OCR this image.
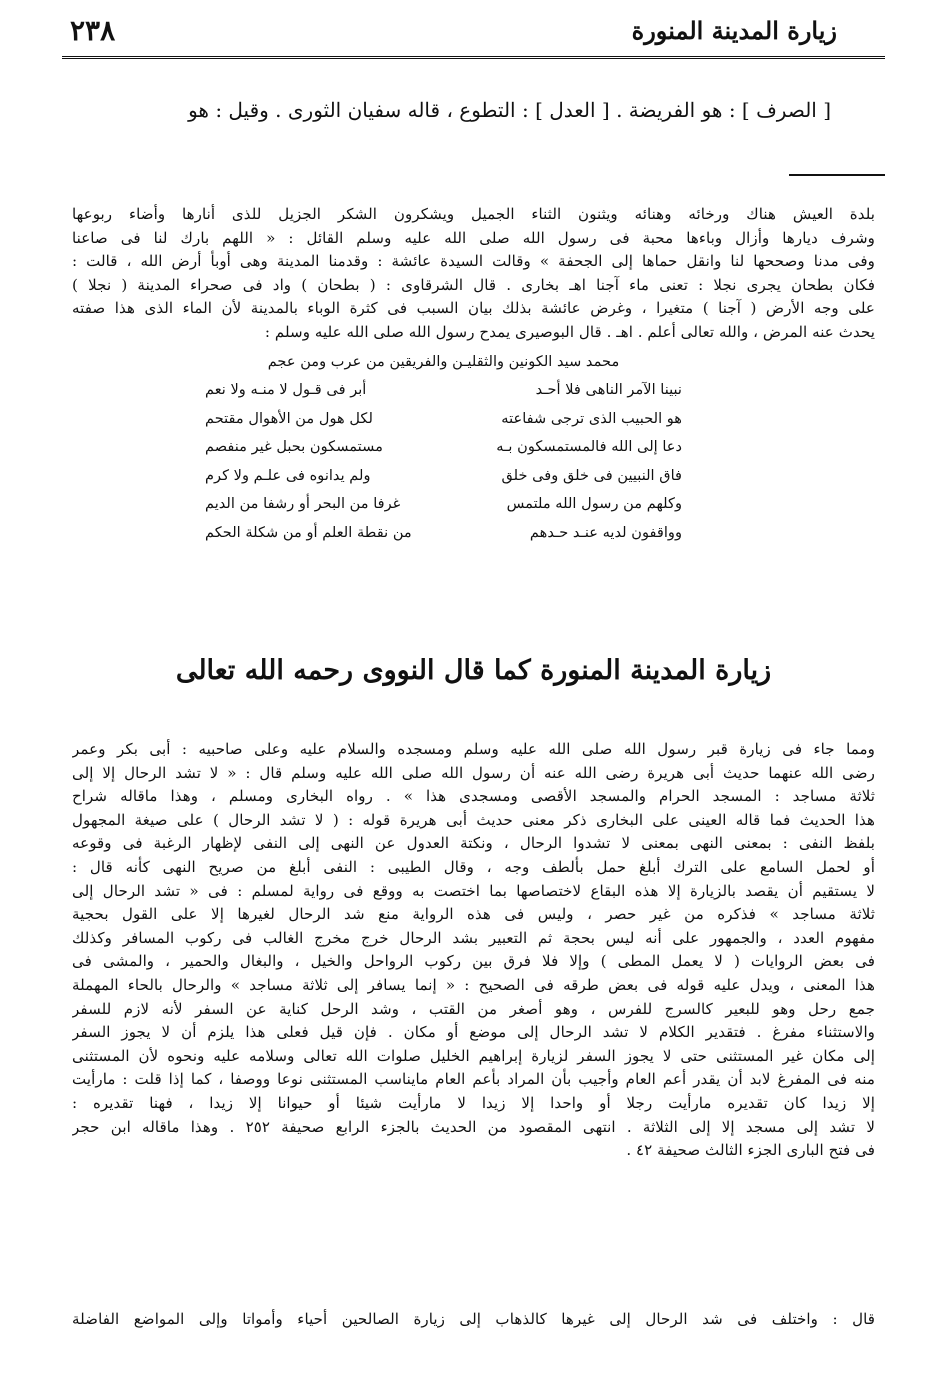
زيارة المدينة المنورة
٢٣٨
[ الصرف ] : هو الفريضة . [ العدل ] : التطوع ، قاله سفيان الثورى . وقيل : هو
بلدة العيش هناك ورخائه وهنائه ويثنون الثناء الجميل ويشكرون الشكر الجزيل للذى أنارها وأضاء ربوعها
وشرف ديارها وأزال وباءها محبة فى رسول الله صلى الله عليه وسلم القائل : « اللهم بارك لنا فى صاعنا
وفى مدنا وصححها لنا وانقل حماها إلى الجحفة » وقالت السيدة عائشة : وقدمنا المدينة وهى أوبأ أرض الله ، قالت :
فكان بطحان يجرى نجلا : تعنى ماء آجنا اهـ بخارى . قال الشرقاوى : ( بطحان ) واد فى صحراء المدينة ( نجلا )
على وجه الأرض ( آجنا ) متغيرا ، وغرض عائشة بذلك بيان السبب فى كثرة الوباء بالمدينة لأن الماء الذى هذا صفته
يحدث عنه المرض ، والله تعالى أعلم . اهـ . قال البوصيرى يمدح رسول الله صلى الله عليه وسلم :
محمد سيد الكونين والثقليـن والفريقين من عرب ومن عجم
نبينا الآمر الناهى فلا أحـد
أبر فى قـول لا منـه ولا نعم
هو الحبيب الذى ترجى شفاعته
لكل هول من الأهوال مقتحم
دعا إلى الله فالمستمسكون بـه
مستمسكون بحبل غير منفصم
فاق النبيين فى خلق وفى خلق
ولم يدانوه فى علـم ولا كرم
وكلهم من رسول الله ملتمس
غرفا من البحر أو رشفا من الديم
وواقفون لديه عنـد حـدهم
من نقطة العلم أو من شكلة الحكم
زيارة المدينة المنورة كما قال النووى رحمه الله تعالى
ومما جاء فى زيارة قبر رسول الله صلى الله عليه وسلم ومسجده والسلام عليه وعلى صاحبيه : أبى بكر وعمر
رضى الله عنهما حديث أبى هريرة رضى الله عنه أن رسول الله صلى الله عليه وسلم قال : « لا تشد الرحال إلا إلى
ثلاثة مساجد : المسجد الحرام والمسجد الأقصى ومسجدى هذا » . رواه البخارى ومسلم ، وهذا ماقاله شراح
هذا الحديث فما قاله العينى على البخارى ذكر معنى حديث أبى هريرة قوله : ( لا تشد الرحال ) على صيغة المجهول
بلفظ النفى : بمعنى النهى بمعنى لا تشدوا الرحال ، ونكتة العدول عن النهى إلى النفى لإظهار الرغبة فى وقوعه
أو لحمل السامع على الترك أبلغ حمل بألطف وجه ، وقال الطيبى : النفى أبلغ من صريح النهى كأنه قال :
لا يستقيم أن يقصد بالزيارة إلا هذه البقاع لاختصاصها بما اختصت به ووقع فى رواية لمسلم : فى « تشد الرحال إلى
ثلاثة مساجد » فذكره من غير حصر ، وليس فى هذه الرواية منع شد الرحال لغيرها إلا على القول بحجية
مفهوم العدد ، والجمهور على أنه ليس بحجة ثم التعبير بشد الرحال خرج مخرج الغالب فى ركوب المسافر وكذلك
فى بعض الروايات ( لا يعمل المطى ) وإلا فلا فرق بين ركوب الرواحل والخيل ، والبغال والحمير ، والمشى فى
هذا المعنى ، ويدل عليه قوله فى بعض طرقه فى الصحيح : « إنما يسافر إلى ثلاثة مساجد » والرحال بالحاء المهملة
جمع رحل وهو للبعير كالسرج للفرس ، وهو أصغر من القتب ، وشد الرحل كناية عن السفر لأنه لازم للسفر
والاستثناء مفرغ . فتقدير الكلام لا تشد الرحال إلى موضع أو مكان . فإن قيل فعلى هذا يلزم أن لا يجوز السفر
إلى مكان غير المستثنى حتى لا يجوز السفر لزيارة إبراهيم الخليل صلوات الله تعالى وسلامه عليه ونحوه لأن المستثنى
منه فى المفرغ لابد أن يقدر أعم العام وأجيب بأن المراد بأعم العام مايناسب المستثنى نوعا ووصفا ، كما إذا قلت : مارأيت
إلا زيدا كان تقديره مارأيت رجلا أو واحدا إلا زيدا لا مارأيت شيئا أو حيوانا إلا زيدا ، فهنا تقديره :
لا تشد إلى مسجد إلا إلى الثلاثة . انتهى المقصود من الحديث بالجزء الرابع صحيفة ٢٥٢ . وهذا ماقاله ابن حجر
فى فتح البارى الجزء الثالث صحيفة ٤٢ .
قال : واختلف فى شد الرحال إلى غيرها كالذهاب إلى زيارة الصالحين أحياء وأمواتا وإلى المواضع الفاضلة
